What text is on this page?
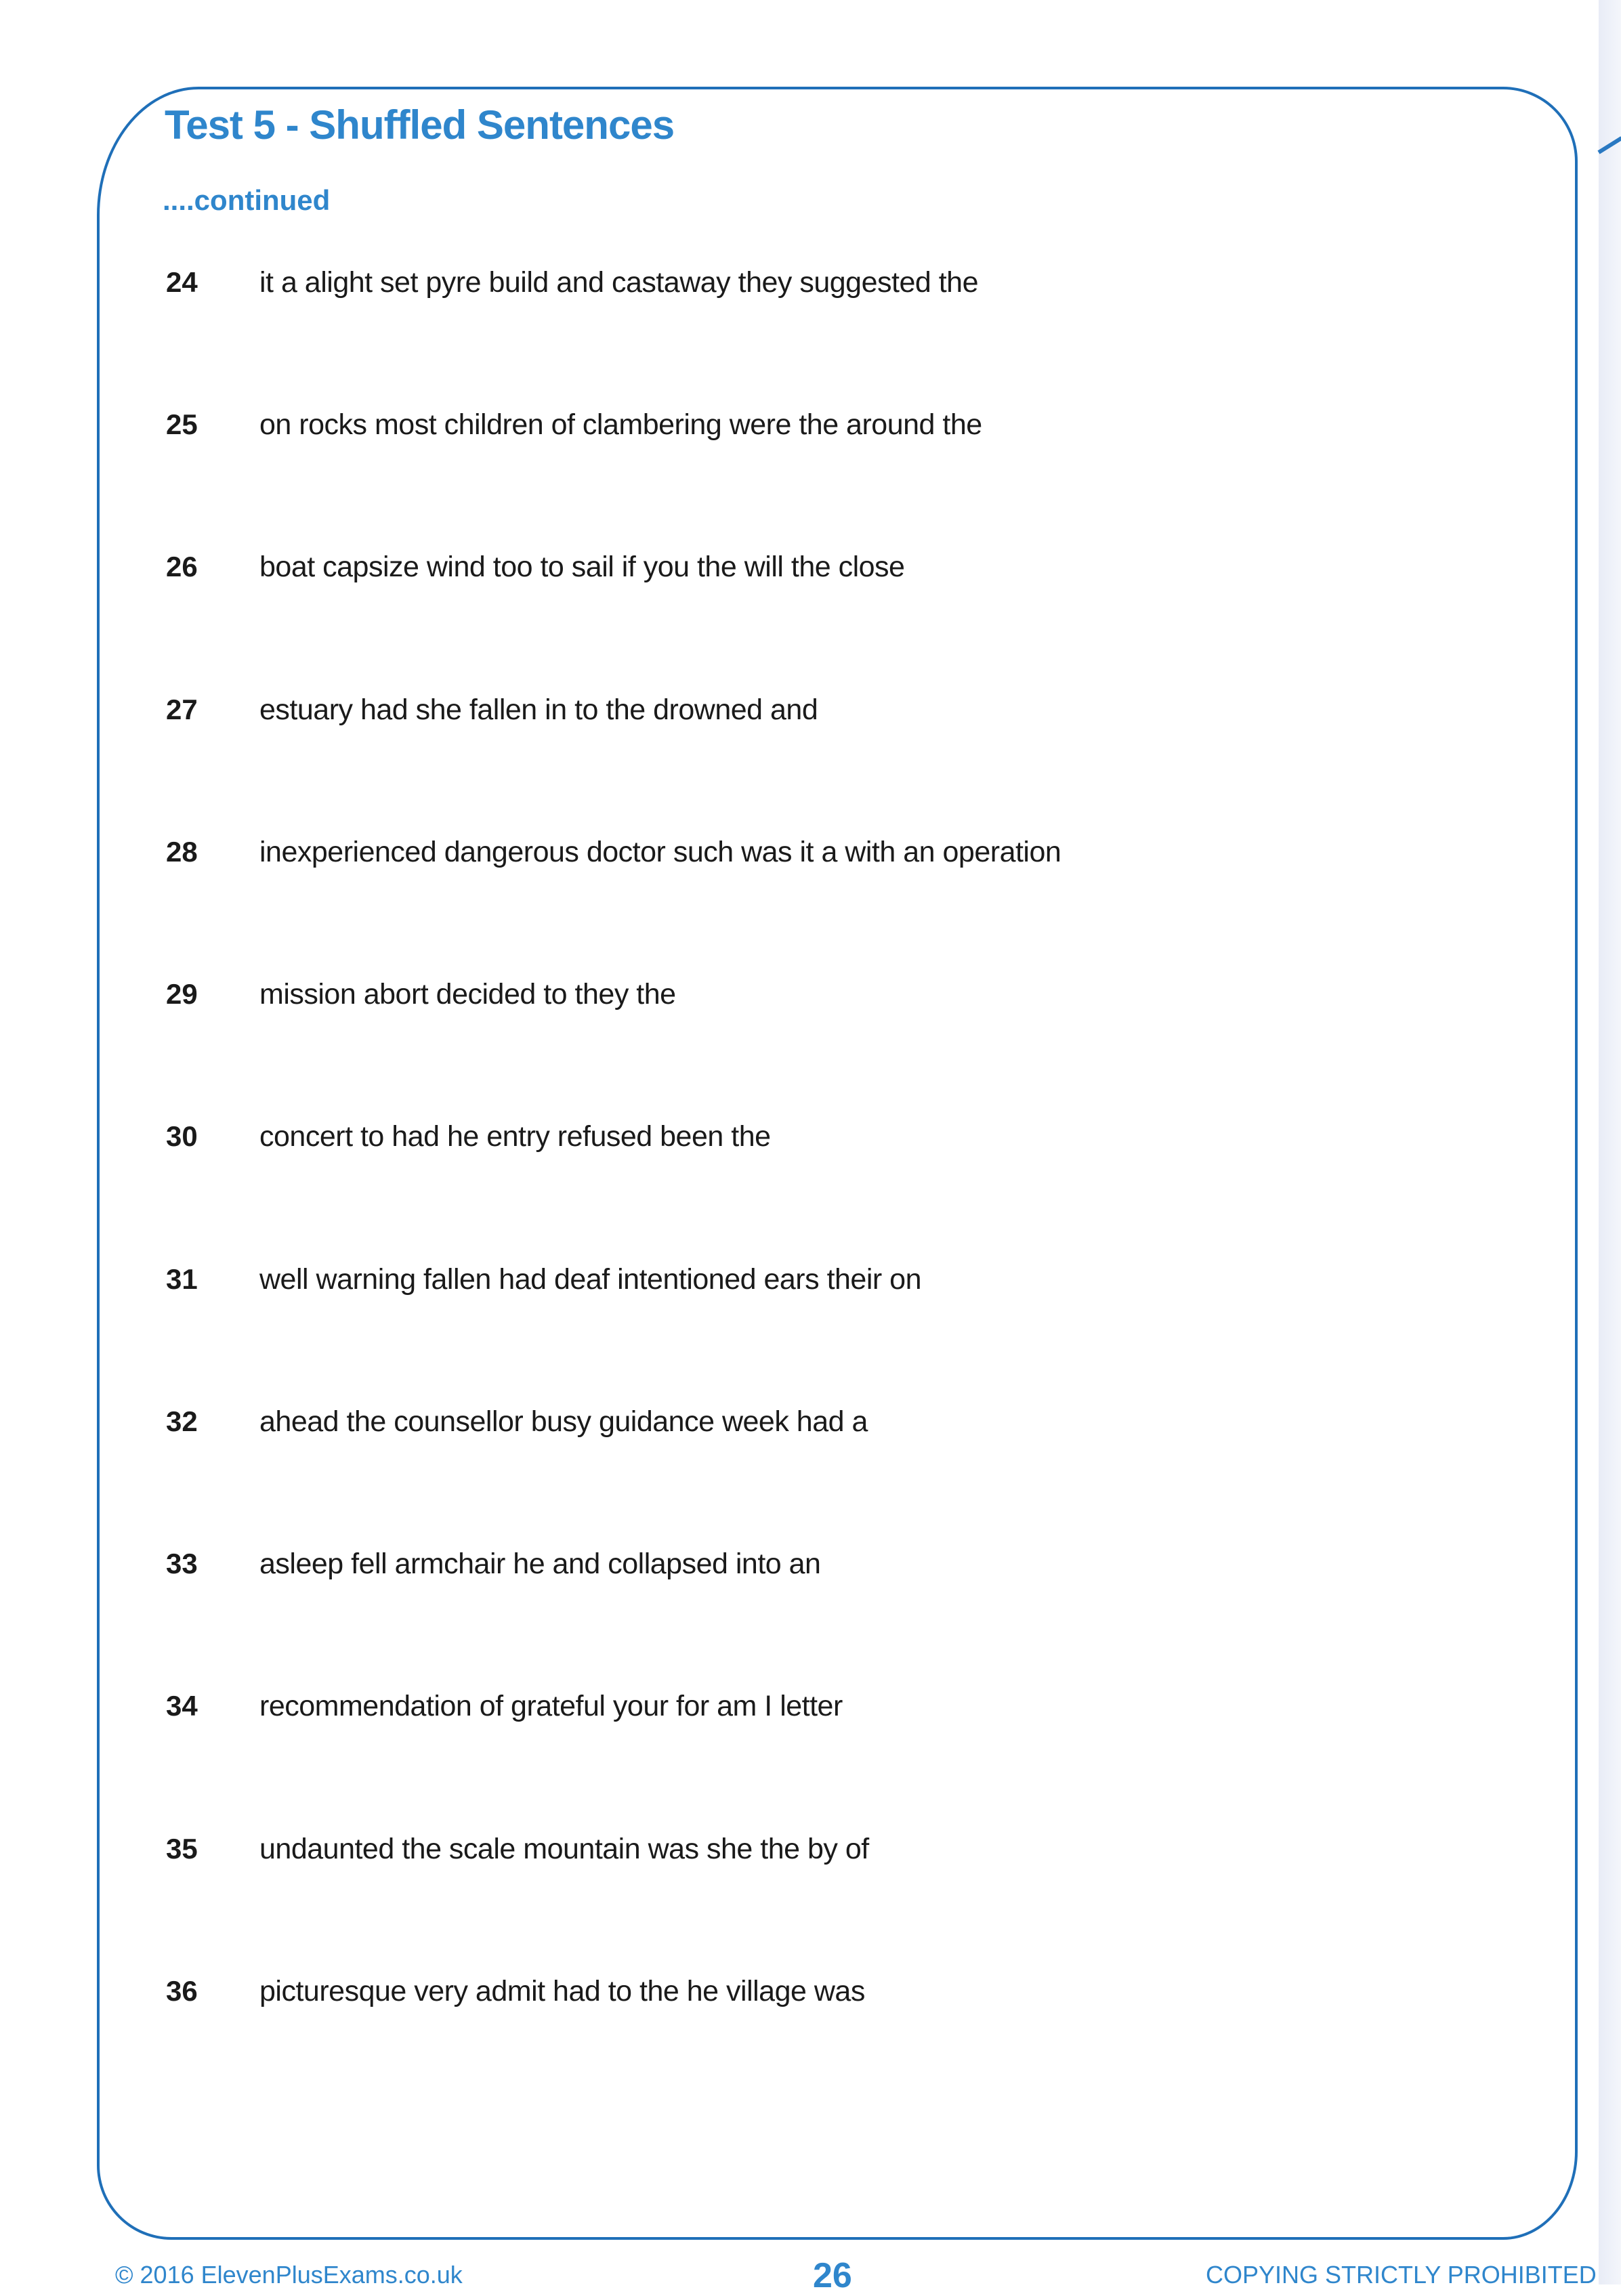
Test 5 - Shuffled Sentences
....continued
24 it a alight set pyre build and castaway they suggested the
25 on rocks most children of clambering were the around the
26 boat capsize wind too to sail if you the will the close
27 estuary had she fallen in to the drowned and
28 inexperienced dangerous doctor such was it a with an operation
29 mission abort decided to they the
30 concert to had he entry refused been the
31 well warning fallen had deaf intentioned ears their on
32 ahead the counsellor busy guidance week had a
33 asleep fell armchair he and collapsed into an
34 recommendation of grateful your for am I letter
35 undaunted the scale mountain was she the by of
36 picturesque very admit had to the he village was
© 2016 ElevenPlusExams.co.uk	26	COPYING STRICTLY PROHIBITED
